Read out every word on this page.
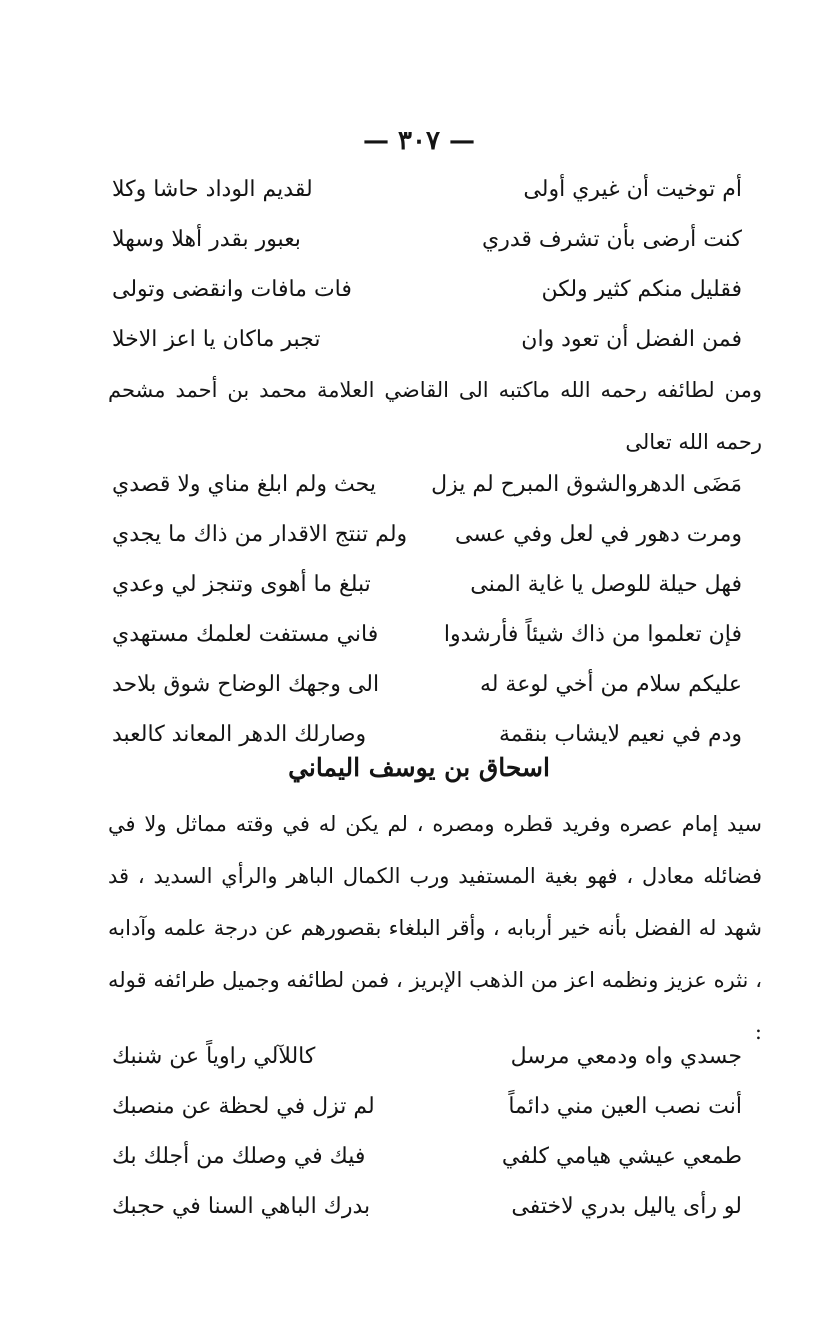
— ٣٠٧ —
أم توخيت أن غيري أولى
لقديم الوداد حاشا وكلا
كنت أرضى بأن تشرف قدري
بعبور بقدر أهلا وسهلا
فقليل منكم كثير ولكن
فات مافات وانقضى وتولى
فمن الفضل أن تعود وان
تجبر ماكان يا اعز الاخلا
ومن لطائفه رحمه الله ماكتبه الى القاضي العلامة محمد بن أحمد مشحم رحمه الله تعالى
مَضَى الدهروالشوق المبرح لم يزل
يحث ولم ابلغ مناي ولا قصدي
ومرت دهور في لعل وفي عسى
ولم تنتج الاقدار من ذاك ما يجدي
فهل حيلة للوصل يا غاية المنى
تبلغ ما أهوى وتنجز لي وعدي
فإن تعلموا من ذاك شيئاً فأرشدوا
فاني مستفت لعلمك مستهدي
عليكم سلام من أخي لوعة له
الى وجهك الوضاح شوق بلاحد
ودم في نعيم لايشاب بنقمة
وصارلك الدهر المعاند كالعبد
اسحاق بن يوسف اليماني
سيد إمام عصره وفريد قطره ومصره ، لم يكن له في وقته مماثل ولا في فضائله معادل ، فهو بغية المستفيد ورب الكمال الباهر والرأي السديد ، قد شهد له الفضل بأنه خير أربابه ، وأقر البلغاء بقصورهم عن درجة علمه وآدابه ، نثره عزيز ونظمه اعز من الذهب الإبريز ، فمن لطائفه وجميل طرائفه قوله :
جسدي واه ودمعي مرسل
كاللآلي راوياً عن شنبك
أنت نصب العين مني دائماً
لم تزل في لحظة عن منصبك
طمعي عيشي هيامي كلفي
فيك في وصلك من أجلك بك
لو رأى ياليل بدري لاختفى
بدرك الباهي السنا في حجبك
